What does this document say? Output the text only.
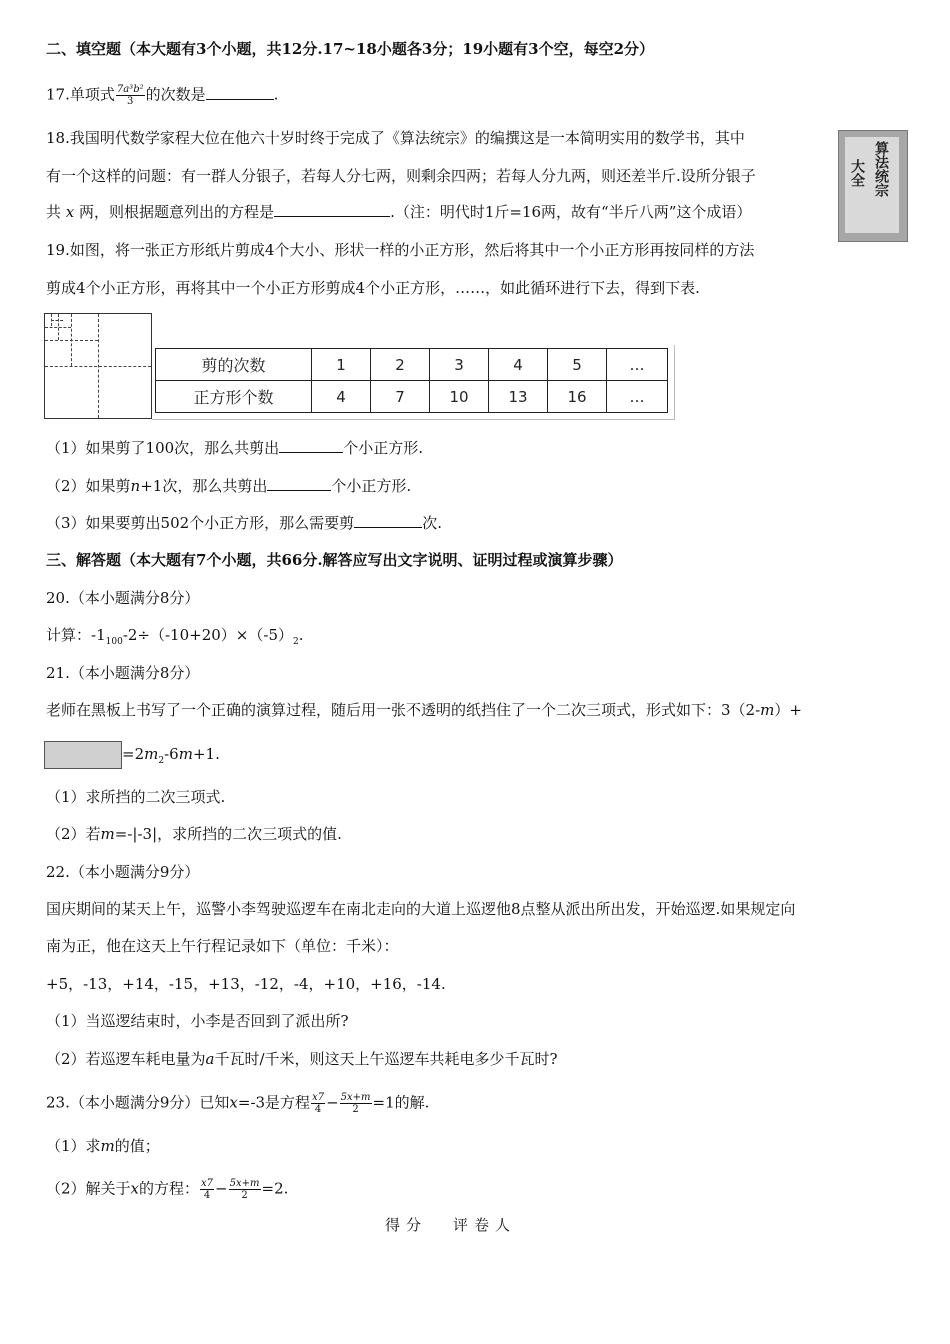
二、填空题（本大题有3个小题，共12分.17~18小题各3分；19小题有3个空，每空2分）
17.单项式 $\frac{\text{7a³b²}}{3}$ 的次数是	.
18.我国明代数学家程大位在他六十岁时终于完成了《算法统宗》的编撰这是一本简明实用的数学书，其中
有一个这样的问题：有一群人分银子，若每人分七两，则剩余四两；若每人分九两，则还差半斤.设所分银子
共 x 两，则根据题意列出的方程是	.（注：明代时1斤=16两，故有“半斤八两”这个成语）
大全 算法统宗
19.如图，将一张正方形纸片剪成4个大小、形状一样的小正方形，然后将其中一个小正方形再按同样的方法
剪成4个小正方形，再将其中一个小正方形剪成4个小正方形，……，如此循环进行下去，得到下表.
剪的次数	1	2	3	4	5	…
正方形个数	4	7	10	13	16	…
（1）如果剪了100次，那么共剪出	个小正方形.
（2）如果剪n+1次，那么共剪出	个小正方形.
（3）如果要剪出502个小正方形，那么需要剪	次.
三、解答题（本大题有7个小题，共66分.解答应写出文字说明、证明过程或演算步骤）
20.（本小题满分8分）
计算：$-1_{100}-2\div(-10+20)\times(-5)_2$.
21.（本小题满分8分）
老师在黑板上书写了一个正确的演算过程，随后用一张不透明的纸挡住了一个二次三项式，形式如下：3（2-m）+
$=2m_2-6m+1$.
（1）求所挡的二次三项式.
（2）若m=-|-3|，求所挡的二次三项式的值.
22.（本小题满分9分）
国庆期间的某天上午，巡警小李驾驶巡逻车在南北走向的大道上巡逻他8点整从派出所出发，开始巡逻.如果规定向
南为正，他在这天上午行程记录如下（单位：千米）：
+5，-13，+14，-15，+13，-12，-4，+10，+16，-14.
（1）当巡逻结束时，小李是否回到了派出所?
（2）若巡逻车耗电量为a千瓦时/千米，则这天上午巡逻车共耗电多少千瓦时?
23.（本小题满分9分）已知x=-3是方程 $\frac{x7}{4} - \frac{5x+m}{2} =1$的解.
（1）求m的值；
（2）解关于x的方程： $\frac{x7}{4} - \frac{5x+m}{2} =2$.
得分 评卷人
